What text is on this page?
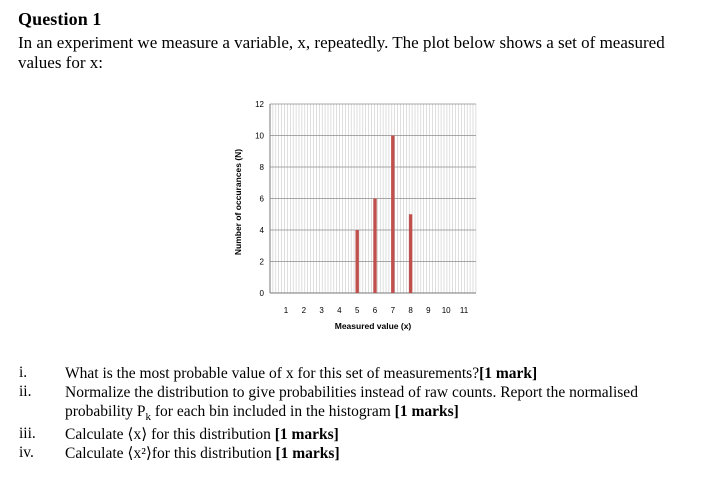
Question 1
In an experiment we measure a variable, x, repeatedly. The plot below shows a set of measured values for x:
0
2
4
6
8
10
12
1 2 3 4 5 6 7 8 9 10 11
Measured value (x)
Number of occurances (N)
i.	What is the most probable value of x for this set of measurements?[1 mark]
ii.	Normalize the distribution to give probabilities instead of raw counts. Report the normalised probability $P_k$ for each bin included in the histogram [1 marks]
iii.	Calculate ⟨x⟩ for this distribution [1 marks]
iv.	Calculate ⟨x²⟩for this distribution [1 marks]
